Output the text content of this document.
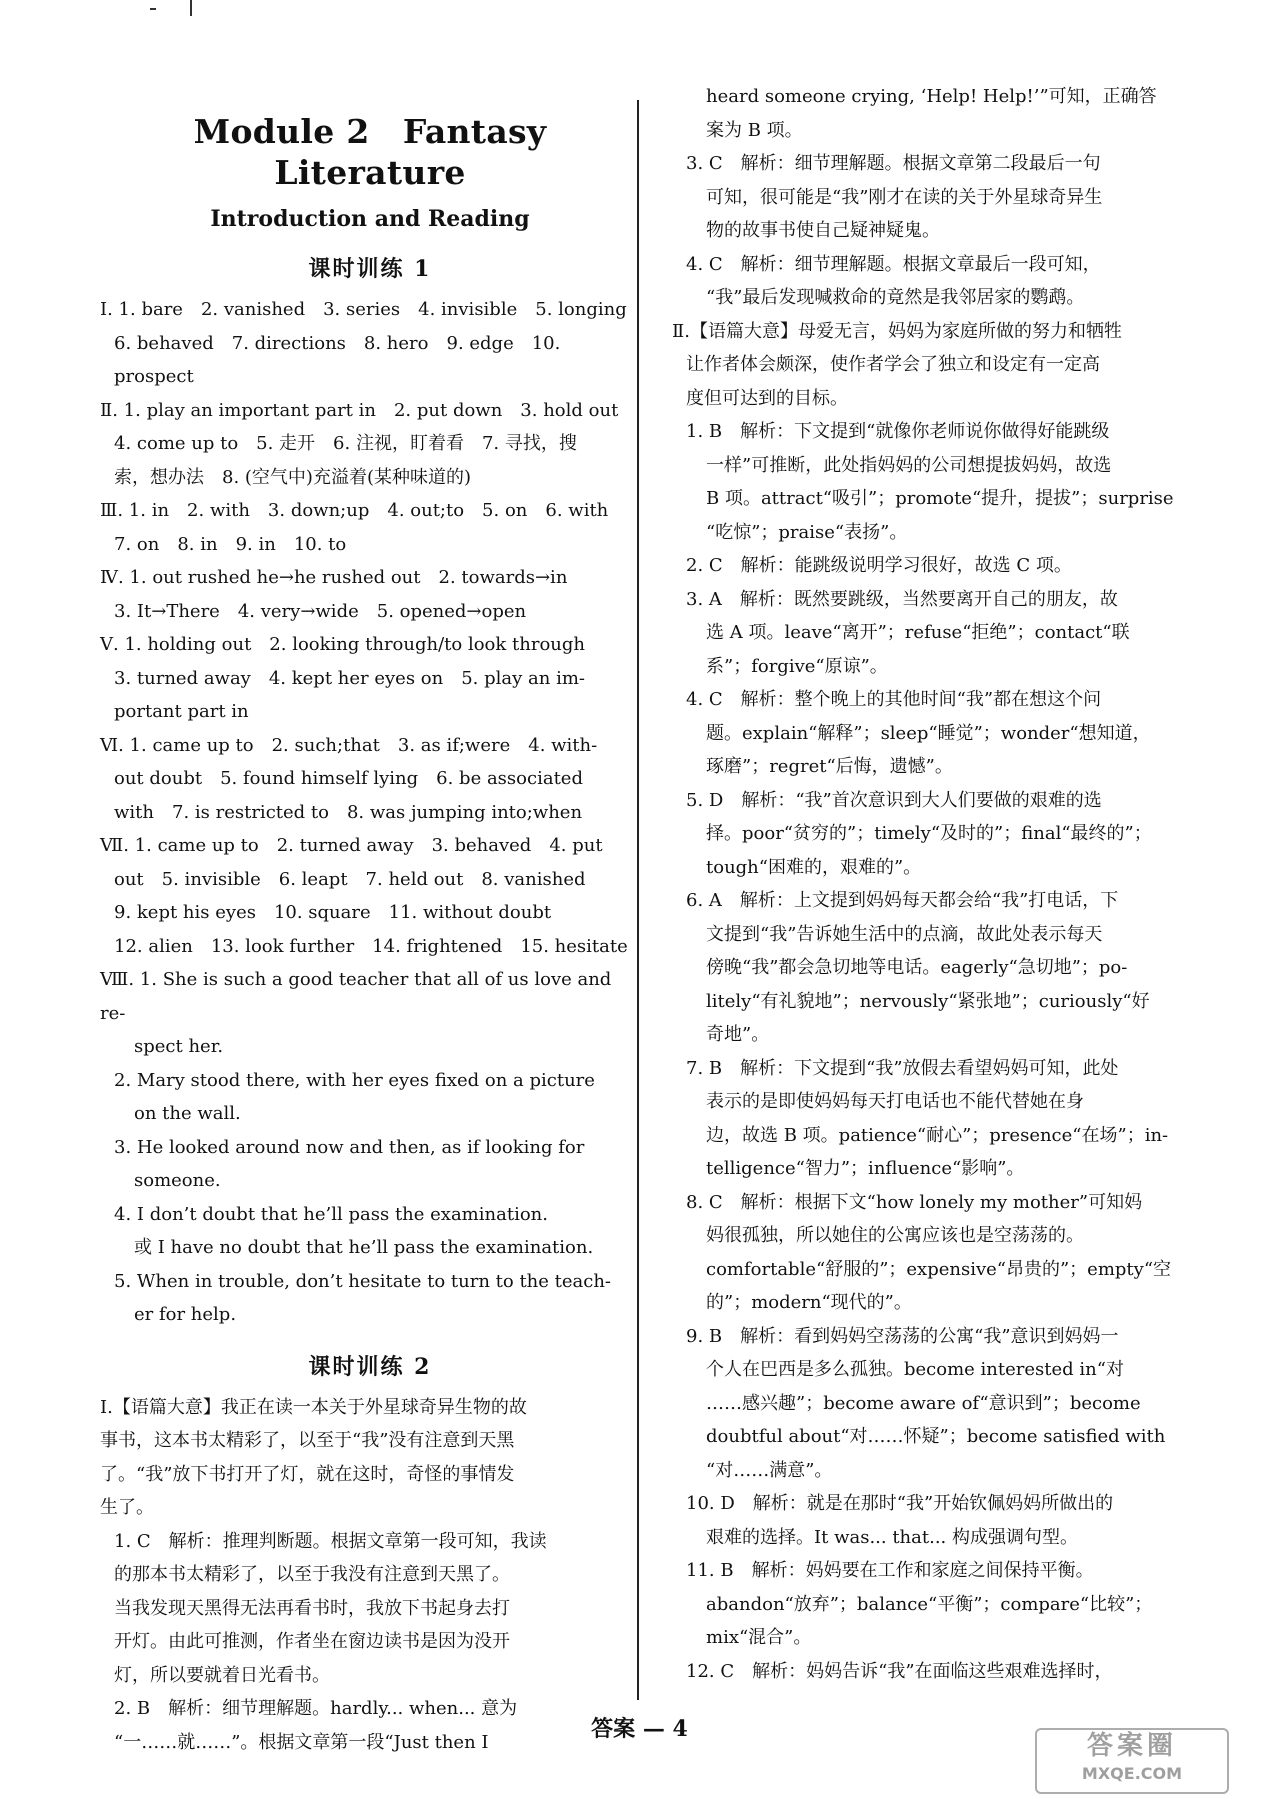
Module 2　Fantasy Literature
Introduction and Reading
课时训练 1

Ⅰ. 1. bare　2. vanished　3. series　4. invisible　5. longing

6. behaved　7. directions　8. hero　9. edge　10. prospect

Ⅱ. 1. play an important part in　2. put down　3. hold out

4. come up to　5. 走开　6. 注视，盯着看　7. 寻找，搜

索，想办法　8. (空气中)充溢着(某种味道的)

Ⅲ. 1. in　2. with　3. down;up　4. out;to　5. on　6. with

7. on　8. in　9. in　10. to

Ⅳ. 1. out rushed he→he rushed out　2. towards→in

3. It→There　4. very→wide　5. opened→open

Ⅴ. 1. holding out　2. looking through/to look through

3. turned away　4. kept her eyes on　5. play an im-

portant part in

Ⅵ. 1. came up to　2. such;that　3. as if;were　4. with-

out doubt　5. found himself lying　6. be associated

with　7. is restricted to　8. was jumping into;when

Ⅶ. 1. came up to　2. turned away　3. behaved　4. put

out　5. invisible　6. leapt　7. held out　8. vanished

9. kept his eyes　10. square　11. without doubt

12. alien　13. look further　14. frightened　15. hesitate

Ⅷ. 1. She is such a good teacher that all of us love and re-

spect her.

2. Mary stood there, with her eyes fixed on a picture

on the wall.

3. He looked around now and then, as if looking for

someone.

4. I don’t doubt that he’ll pass the examination.

或 I have no doubt that he’ll pass the examination.

5. When in trouble, don’t hesitate to turn to the teach-

er for help.

课时训练 2

Ⅰ.【语篇大意】我正在读一本关于外星球奇异生物的故

事书，这本书太精彩了，以至于“我”没有注意到天黑

了。“我”放下书打开了灯，就在这时，奇怪的事情发

生了。

1. C　解析：推理判断题。根据文章第一段可知，我读

的那本书太精彩了，以至于我没有注意到天黑了。

当我发现天黑得无法再看书时，我放下书起身去打

开灯。由此可推测，作者坐在窗边读书是因为没开

灯，所以要就着日光看书。

2. B　解析：细节理解题。hardly... when... 意为

“一……就……”。根据文章第一段“Just then I

heard someone crying, ‘Help! Help!’”可知，正确答

案为 B 项。

3. C　解析：细节理解题。根据文章第二段最后一句

可知，很可能是“我”刚才在读的关于外星球奇异生

物的故事书使自己疑神疑鬼。

4. C　解析：细节理解题。根据文章最后一段可知，

“我”最后发现喊救命的竟然是我邻居家的鹦鹉。

Ⅱ.【语篇大意】母爱无言，妈妈为家庭所做的努力和牺牲

让作者体会颇深，使作者学会了独立和设定有一定高

度但可达到的目标。

1. B　解析：下文提到“就像你老师说你做得好能跳级

一样”可推断，此处指妈妈的公司想提拔妈妈，故选

B 项。attract“吸引”；promote“提升，提拔”；surprise

“吃惊”；praise“表扬”。

2. C　解析：能跳级说明学习很好，故选 C 项。

3. A　解析：既然要跳级，当然要离开自己的朋友，故

选 A 项。leave“离开”；refuse“拒绝”；contact“联

系”；forgive“原谅”。

4. C　解析：整个晚上的其他时间“我”都在想这个问

题。explain“解释”；sleep“睡觉”；wonder“想知道，

琢磨”；regret“后悔，遗憾”。

5. D　解析：“我”首次意识到大人们要做的艰难的选

择。poor“贫穷的”；timely“及时的”；final“最终的”；

tough“困难的，艰难的”。

6. A　解析：上文提到妈妈每天都会给“我”打电话，下

文提到“我”告诉她生活中的点滴，故此处表示每天

傍晚“我”都会急切地等电话。eagerly“急切地”；po-

litely“有礼貌地”；nervously“紧张地”；curiously“好

奇地”。

7. B　解析：下文提到“我”放假去看望妈妈可知，此处

表示的是即使妈妈每天打电话也不能代替她在身

边，故选 B 项。patience“耐心”；presence“在场”；in-

telligence“智力”；influence“影响”。

8. C　解析：根据下文“how lonely my mother”可知妈

妈很孤独，所以她住的公寓应该也是空荡荡的。

comfortable“舒服的”；expensive“昂贵的”；empty“空

的”；modern“现代的”。

9. B　解析：看到妈妈空荡荡的公寓“我”意识到妈妈一

个人在巴西是多么孤独。become interested in“对

……感兴趣”；become aware of“意识到”；become

doubtful about“对……怀疑”；become satisfied with

“对……满意”。

10. D　解析：就是在那时“我”开始钦佩妈妈所做出的

艰难的选择。It was... that... 构成强调句型。

11. B　解析：妈妈要在工作和家庭之间保持平衡。

abandon“放弃”；balance“平衡”；compare“比较”；

mix“混合”。

12. C　解析：妈妈告诉“我”在面临这些艰难选择时，

答案 — 4
答案圈
MXQE.COM
